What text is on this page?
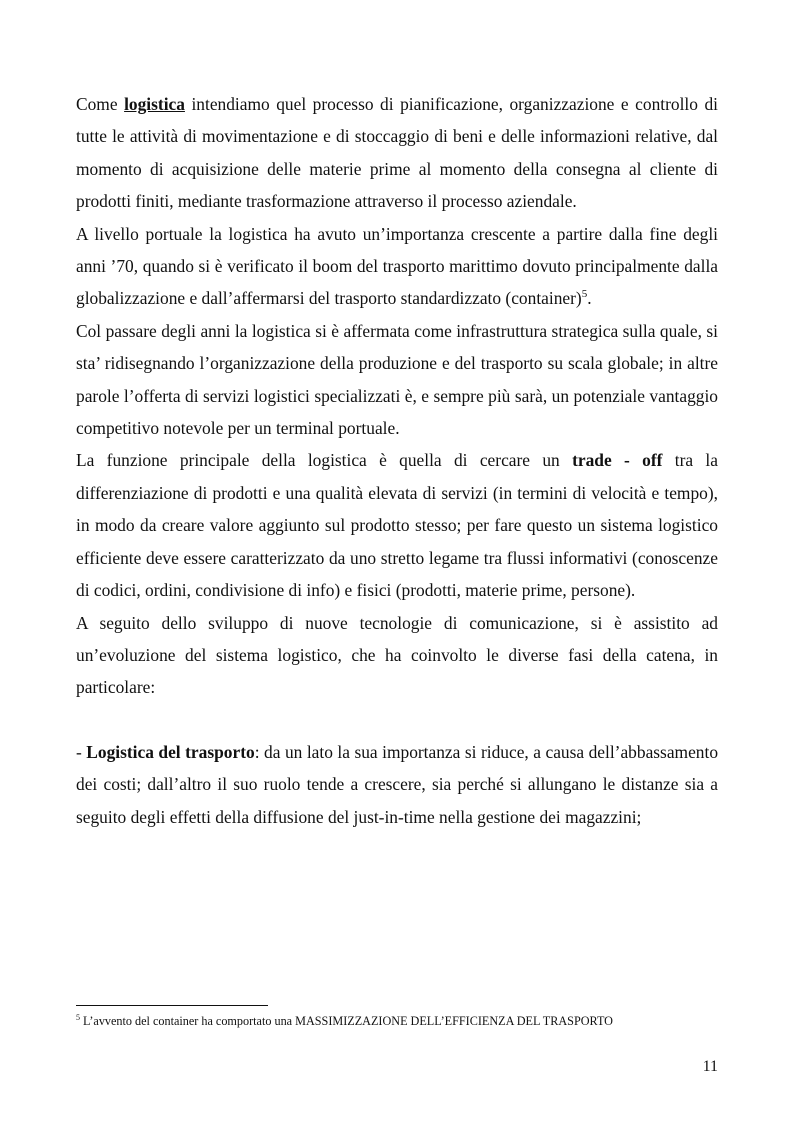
Come logistica intendiamo quel processo di pianificazione, organizzazione e controllo di tutte le attività di movimentazione e di stoccaggio di beni e delle informazioni relative, dal momento di acquisizione delle materie prime al momento della consegna al cliente di prodotti finiti, mediante trasformazione attraverso il processo aziendale.

A livello portuale la logistica ha avuto un’importanza crescente a partire dalla fine degli anni ’70, quando si è verificato il boom del trasporto marittimo dovuto principalmente dalla globalizzazione e dall’affermarsi del trasporto standardizzato (container)$^5$.

Col passare degli anni la logistica si è affermata come infrastruttura strategica sulla quale, si sta’ ridisegnando l’organizzazione della produzione e del trasporto su scala globale; in altre parole l’offerta di servizi logistici specializzati è, e sempre più sarà, un potenziale vantaggio competitivo notevole per un terminal portuale.

La funzione principale della logistica è quella di cercare un trade - off tra la differenziazione di prodotti e una qualità elevata di servizi (in termini di velocità e tempo), in modo da creare valore aggiunto sul prodotto stesso; per fare questo un sistema logistico efficiente deve essere caratterizzato da uno stretto legame tra flussi informativi (conoscenze di codici, ordini, condivisione di info) e fisici (prodotti, materie prime, persone).

A seguito dello sviluppo di nuove tecnologie di comunicazione, si è assistito ad un’evoluzione del sistema logistico, che ha coinvolto le diverse fasi della catena, in particolare:

- Logistica del trasporto: da un lato la sua importanza si riduce, a causa dell’abbassamento dei costi; dall’altro il suo ruolo tende a crescere, sia perché si allungano le distanze sia a seguito degli effetti della diffusione del just-in-time nella gestione dei magazzini;

$^5$ L’avvento del container ha comportato una MASSIMIZZAZIONE DELL’EFFICIENZA DEL TRASPORTO

11
